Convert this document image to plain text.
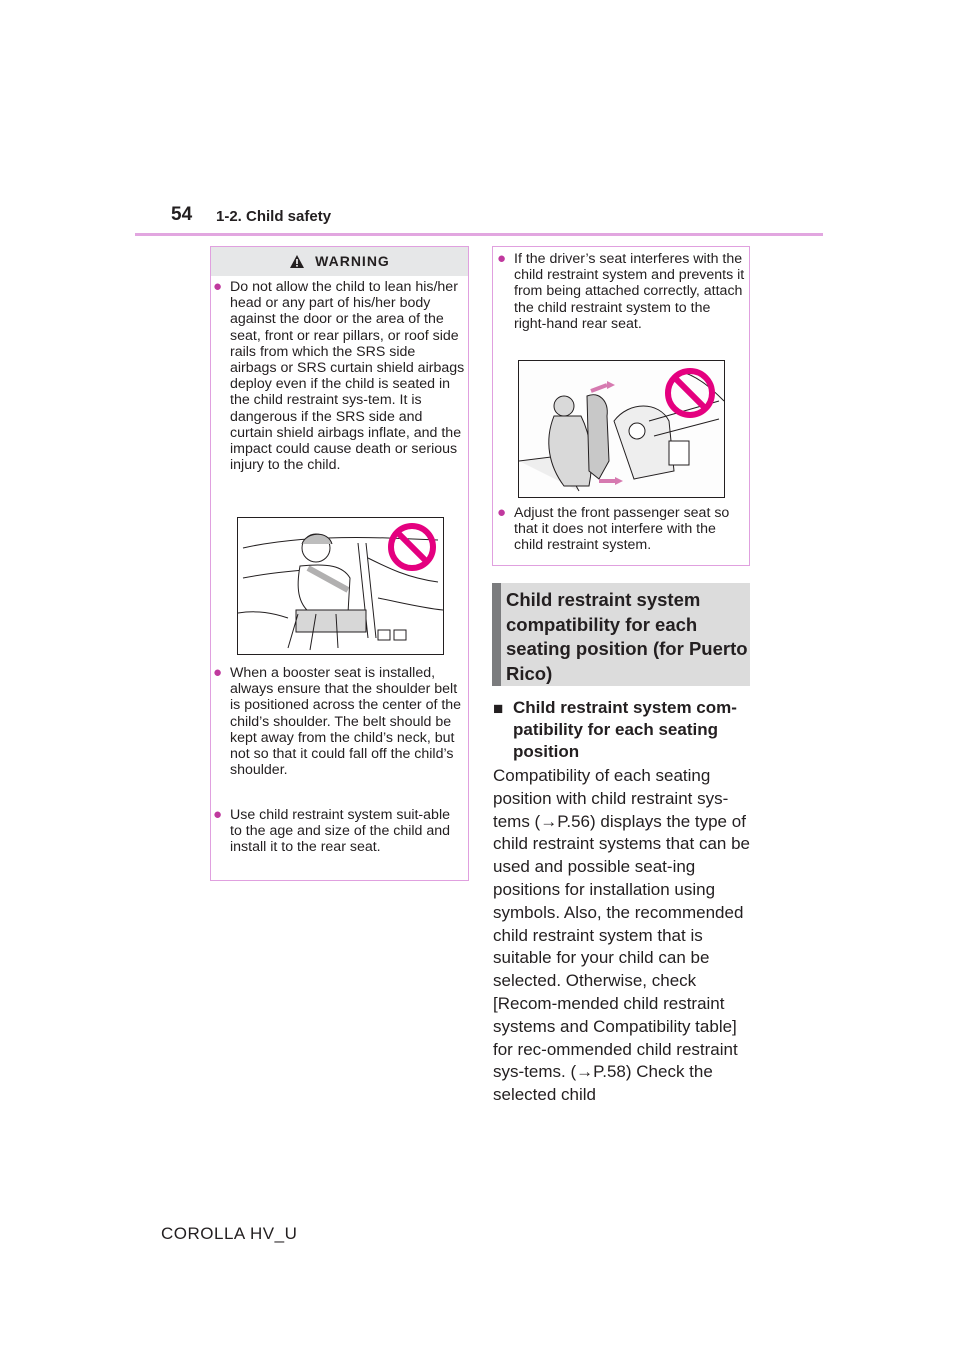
54 1-2. Child safety
WARNING
● Do not allow the child to lean his/her head or any part of his/her body against the door or the area of the seat, front or rear pillars, or roof side rails from which the SRS side airbags or SRS curtain shield airbags deploy even if the child is seated in the child restraint sys-tem. It is dangerous if the SRS side and curtain shield airbags inflate, and the impact could cause death or serious injury to the child.
● When a booster seat is installed, always ensure that the shoulder belt is positioned across the center of the child’s shoulder. The belt should be kept away from the child’s neck, but not so that it could fall off the child’s shoulder.
● Use child restraint system suit-able to the age and size of the child and install it to the rear seat.
● If the driver’s seat interferes with the child restraint system and prevents it from being attached correctly, attach the child restraint system to the right-hand rear seat.
● Adjust the front passenger seat so that it does not interfere with the child restraint system.
Child restraint system compatibility for each seating position (for Puerto Rico)
■ Child restraint system com-patibility for each seating position
Compatibility of each seating position with child restraint sys-tems (→P.56) displays the type of child restraint systems that can be used and possible seat-ing positions for installation using symbols. Also, the recommended child restraint system that is suitable for your child can be selected. Otherwise, check [Recom-mended child restraint systems and Compatibility table] for rec-ommended child restraint sys-tems. (→P.58) Check the selected child
COROLLA HV_U
